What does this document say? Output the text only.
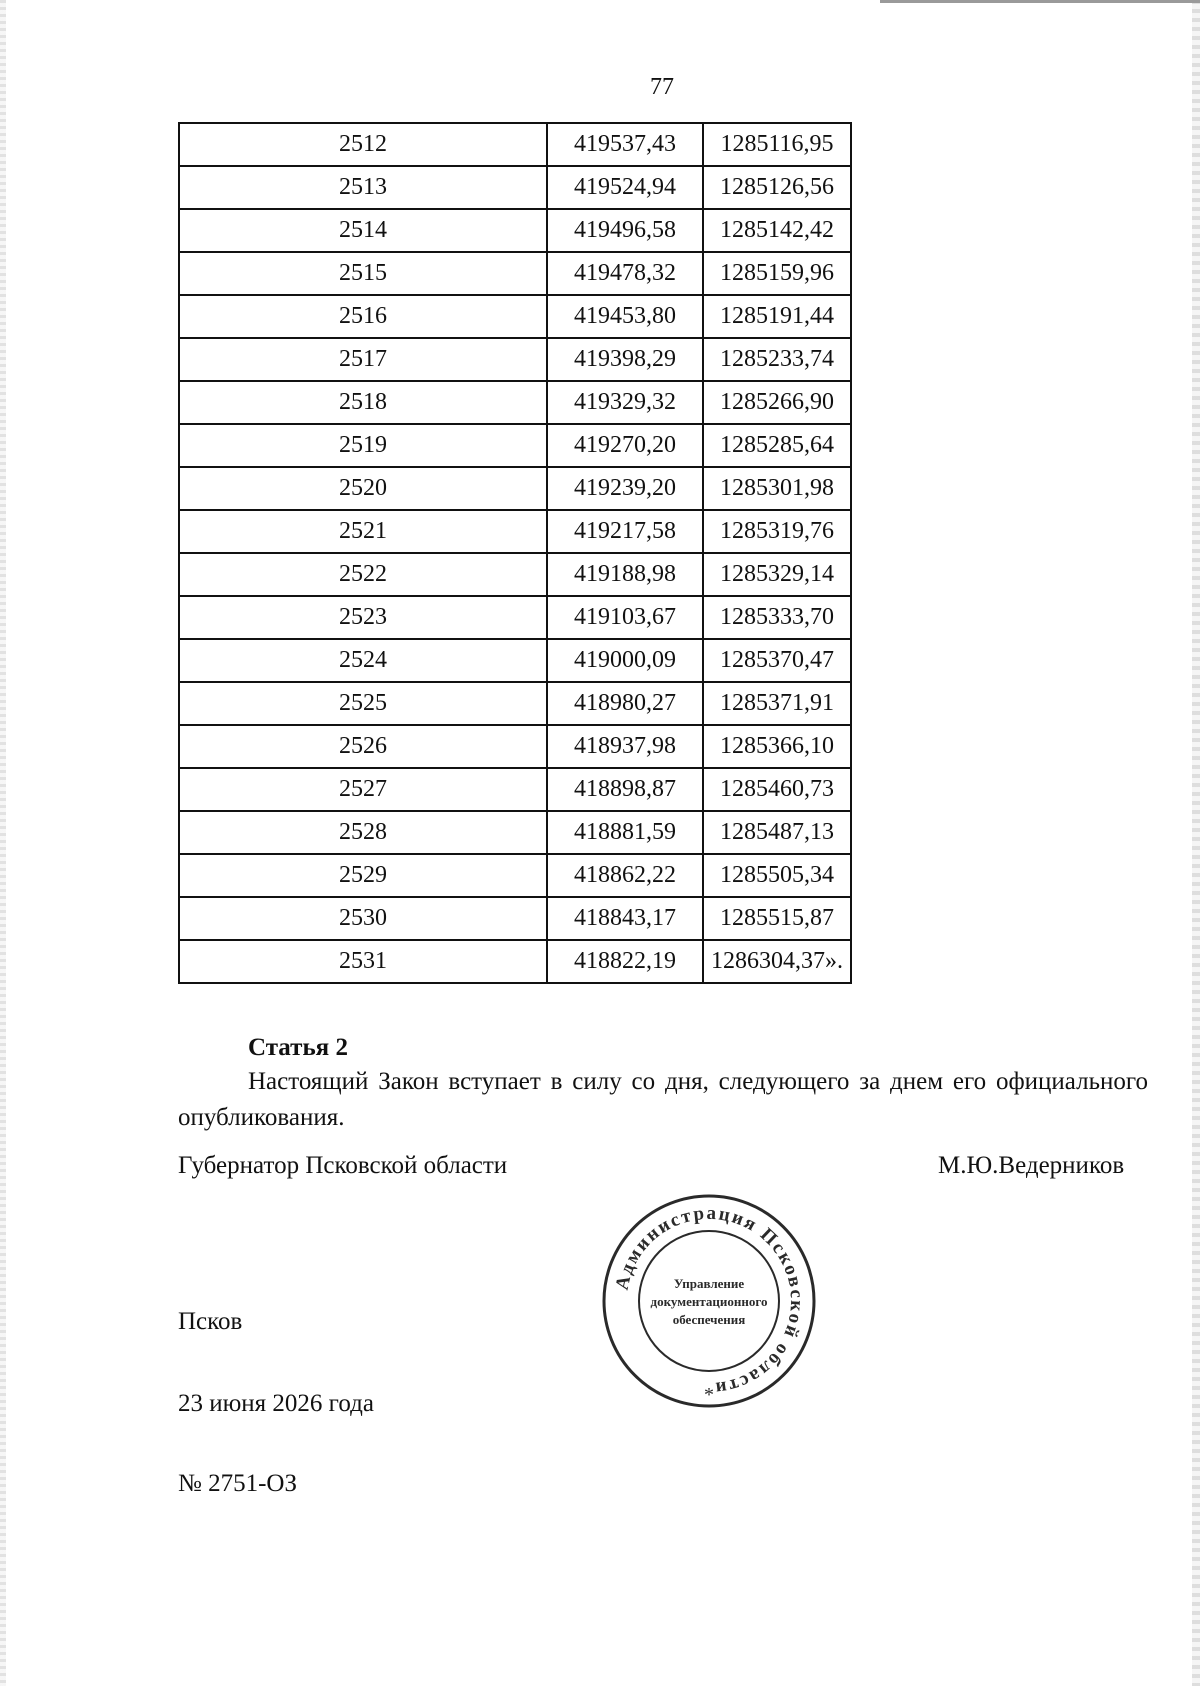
77
2512	419537,43	1285116,95
2513	419524,94	1285126,56
2514	419496,58	1285142,42
2515	419478,32	1285159,96
2516	419453,80	1285191,44
2517	419398,29	1285233,74
2518	419329,32	1285266,90
2519	419270,20	1285285,64
2520	419239,20	1285301,98
2521	419217,58	1285319,76
2522	419188,98	1285329,14
2523	419103,67	1285333,70
2524	419000,09	1285370,47
2525	418980,27	1285371,91
2526	418937,98	1285366,10
2527	418898,87	1285460,73
2528	418881,59	1285487,13
2529	418862,22	1285505,34
2530	418843,17	1285515,87
2531	418822,19	1286304,37».
Статья 2
Настоящий Закон вступает в силу со дня, следующего за днем его официального опубликования.
Губернатор Псковской области	М.Ю.Ведерников
Администрация Псковской области
Управление
документационного
обеспечения
*
Псков
23 июня 2026 года
№ 2751-ОЗ
